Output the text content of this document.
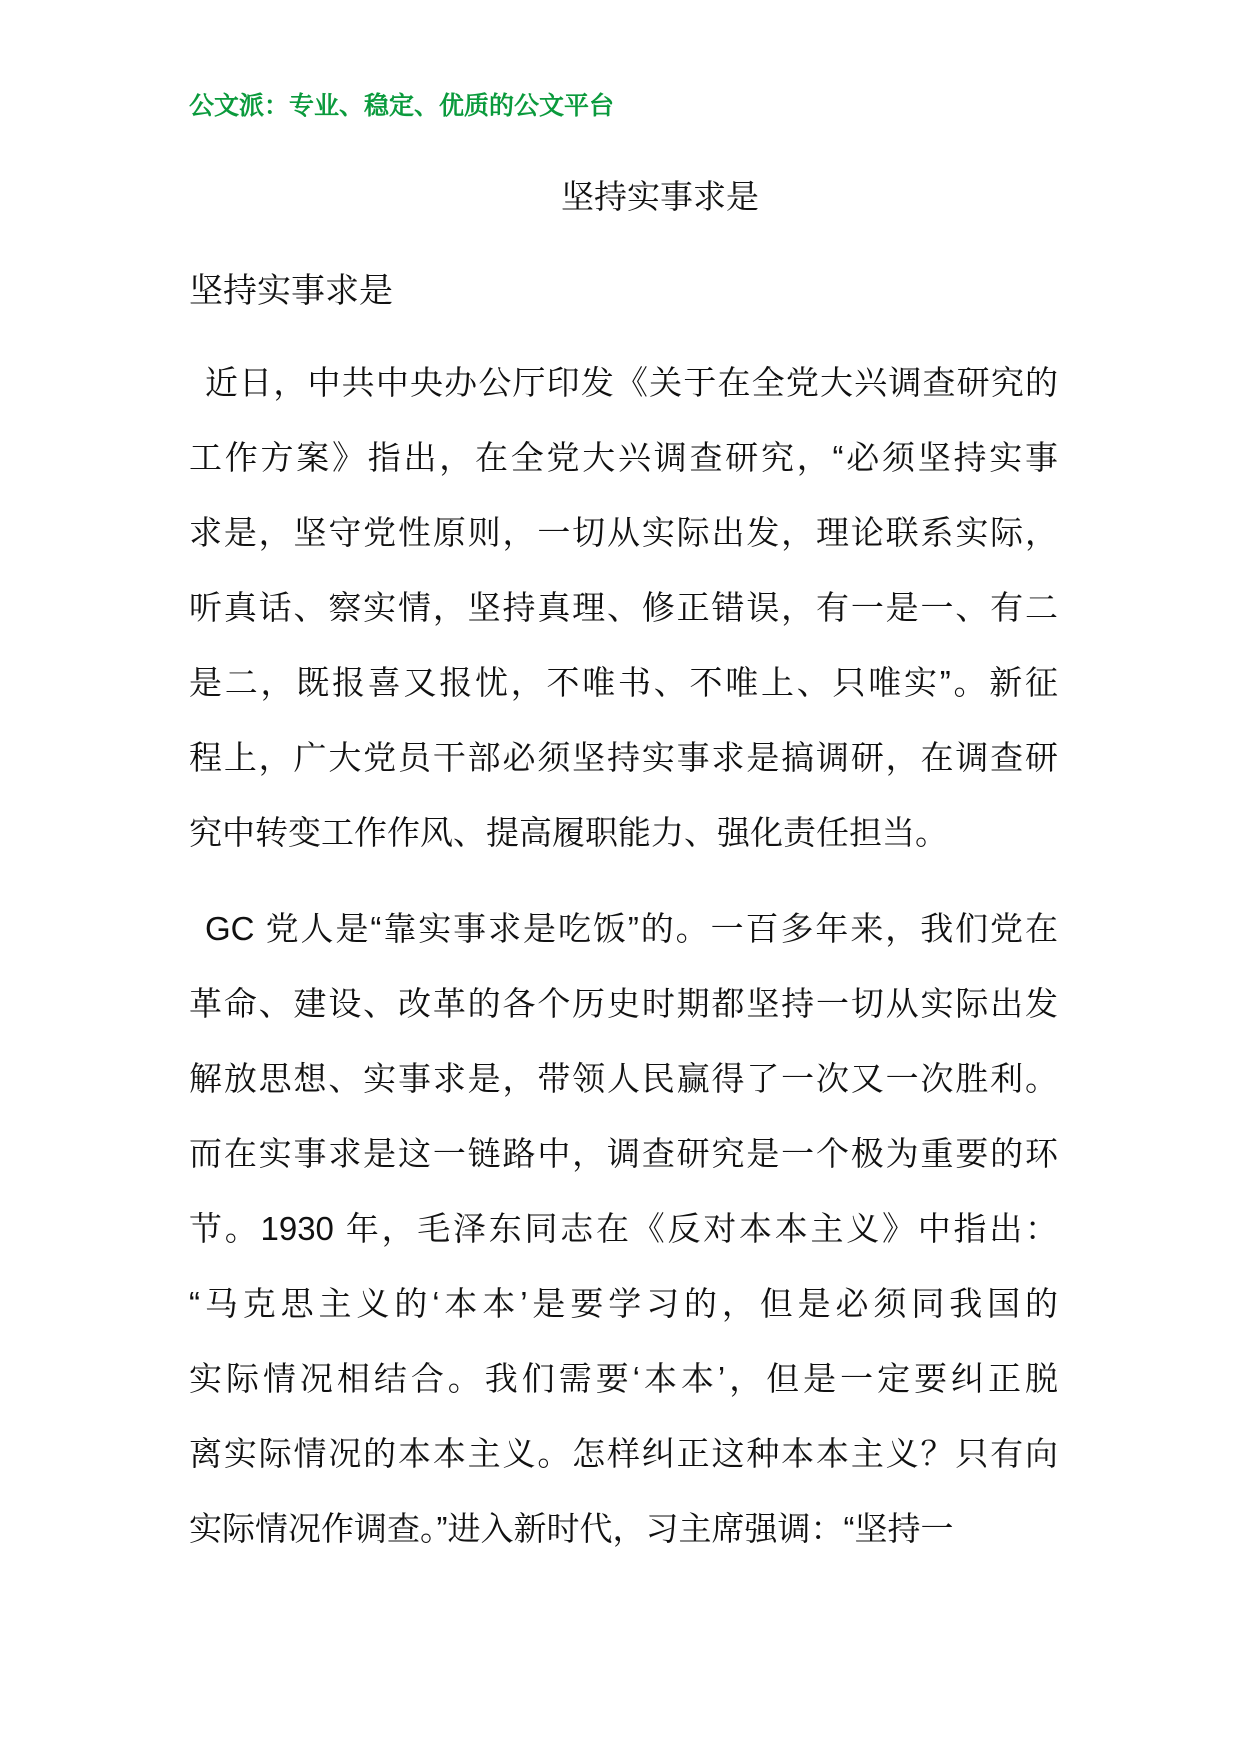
公文派：专业、稳定、优质的公文平台
坚持实事求是
坚持实事求是
近日，中共中央办公厅印发《关于在全党大兴调查研究的
工作方案》指出，在全党大兴调查研究，“必须坚持实事
求是，坚守党性原则，一切从实际出发，理论联系实际，
听真话、察实情，坚持真理、修正错误，有一是一、有二
是二，既报喜又报忧，不唯书、不唯上、只唯实”。新征
程上，广大党员干部必须坚持实事求是搞调研，在调查研
究中转变工作作风、提高履职能力、强化责任担当。
GC 党人是“靠实事求是吃饭”的。一百多年来，我们党在
革命、建设、改革的各个历史时期都坚持一切从实际出发
解放思想、实事求是，带领人民赢得了一次又一次胜利。
而在实事求是这一链路中，调查研究是一个极为重要的环
节。1930 年，毛泽东同志在《反对本本主义》中指出：
“马克思主义的‘本本’是要学习的，但是必须同我国的
实际情况相结合。我们需要‘本本’，但是一定要纠正脱
离实际情况的本本主义。怎样纠正这种本本主义？只有向
实际情况作调查。”进入新时代，习主席强调：“坚持一
